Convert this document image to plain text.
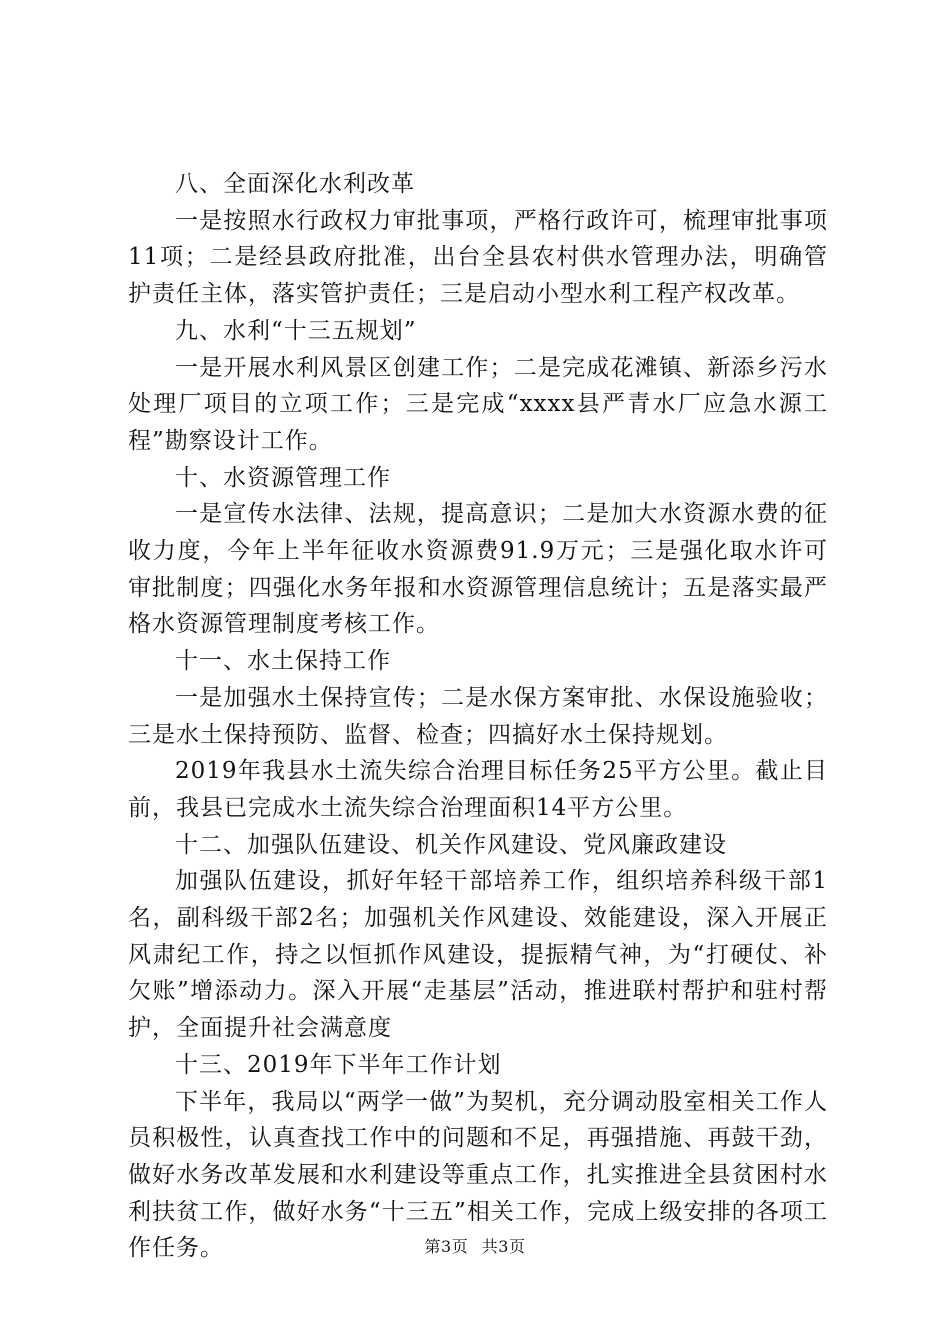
八、全面深化水利改革

一是按照水行政权力审批事项，严格行政许可，梳理审批事项11项；二是经县政府批准，出台全县农村供水管理办法，明确管护责任主体，落实管护责任；三是启动小型水利工程产权改革。

九、水利“十三五规划”

一是开展水利风景区创建工作；二是完成花滩镇、新添乡污水处理厂项目的立项工作；三是完成“xxxx县严青水厂应急水源工程”勘察设计工作。

十、水资源管理工作

一是宣传水法律、法规，提高意识；二是加大水资源水费的征收力度，今年上半年征收水资源费91.9万元；三是强化取水许可审批制度；四强化水务年报和水资源管理信息统计；五是落实最严格水资源管理制度考核工作。

十一、水土保持工作

一是加强水土保持宣传；二是水保方案审批、水保设施验收；三是水土保持预防、监督、检查；四搞好水土保持规划。

2019年我县水土流失综合治理目标任务25平方公里。截止目前，我县已完成水土流失综合治理面积14平方公里。

十二、加强队伍建设、机关作风建设、党风廉政建设

加强队伍建设，抓好年轻干部培养工作，组织培养科级干部1名，副科级干部2名；加强机关作风建设、效能建设，深入开展正风肃纪工作，持之以恒抓作风建设，提振精气神，为“打硬仗、补欠账”增添动力。深入开展“走基层”活动，推进联村帮护和驻村帮护，全面提升社会满意度

十三、2019年下半年工作计划

下半年，我局以“两学一做”为契机，充分调动股室相关工作人员积极性，认真查找工作中的问题和不足，再强措施、再鼓干劲，做好水务改革发展和水利建设等重点工作，扎实推进全县贫困村水利扶贫工作，做好水务“十三五”相关工作，完成上级安排的各项工作任务。	第3页 共3页
